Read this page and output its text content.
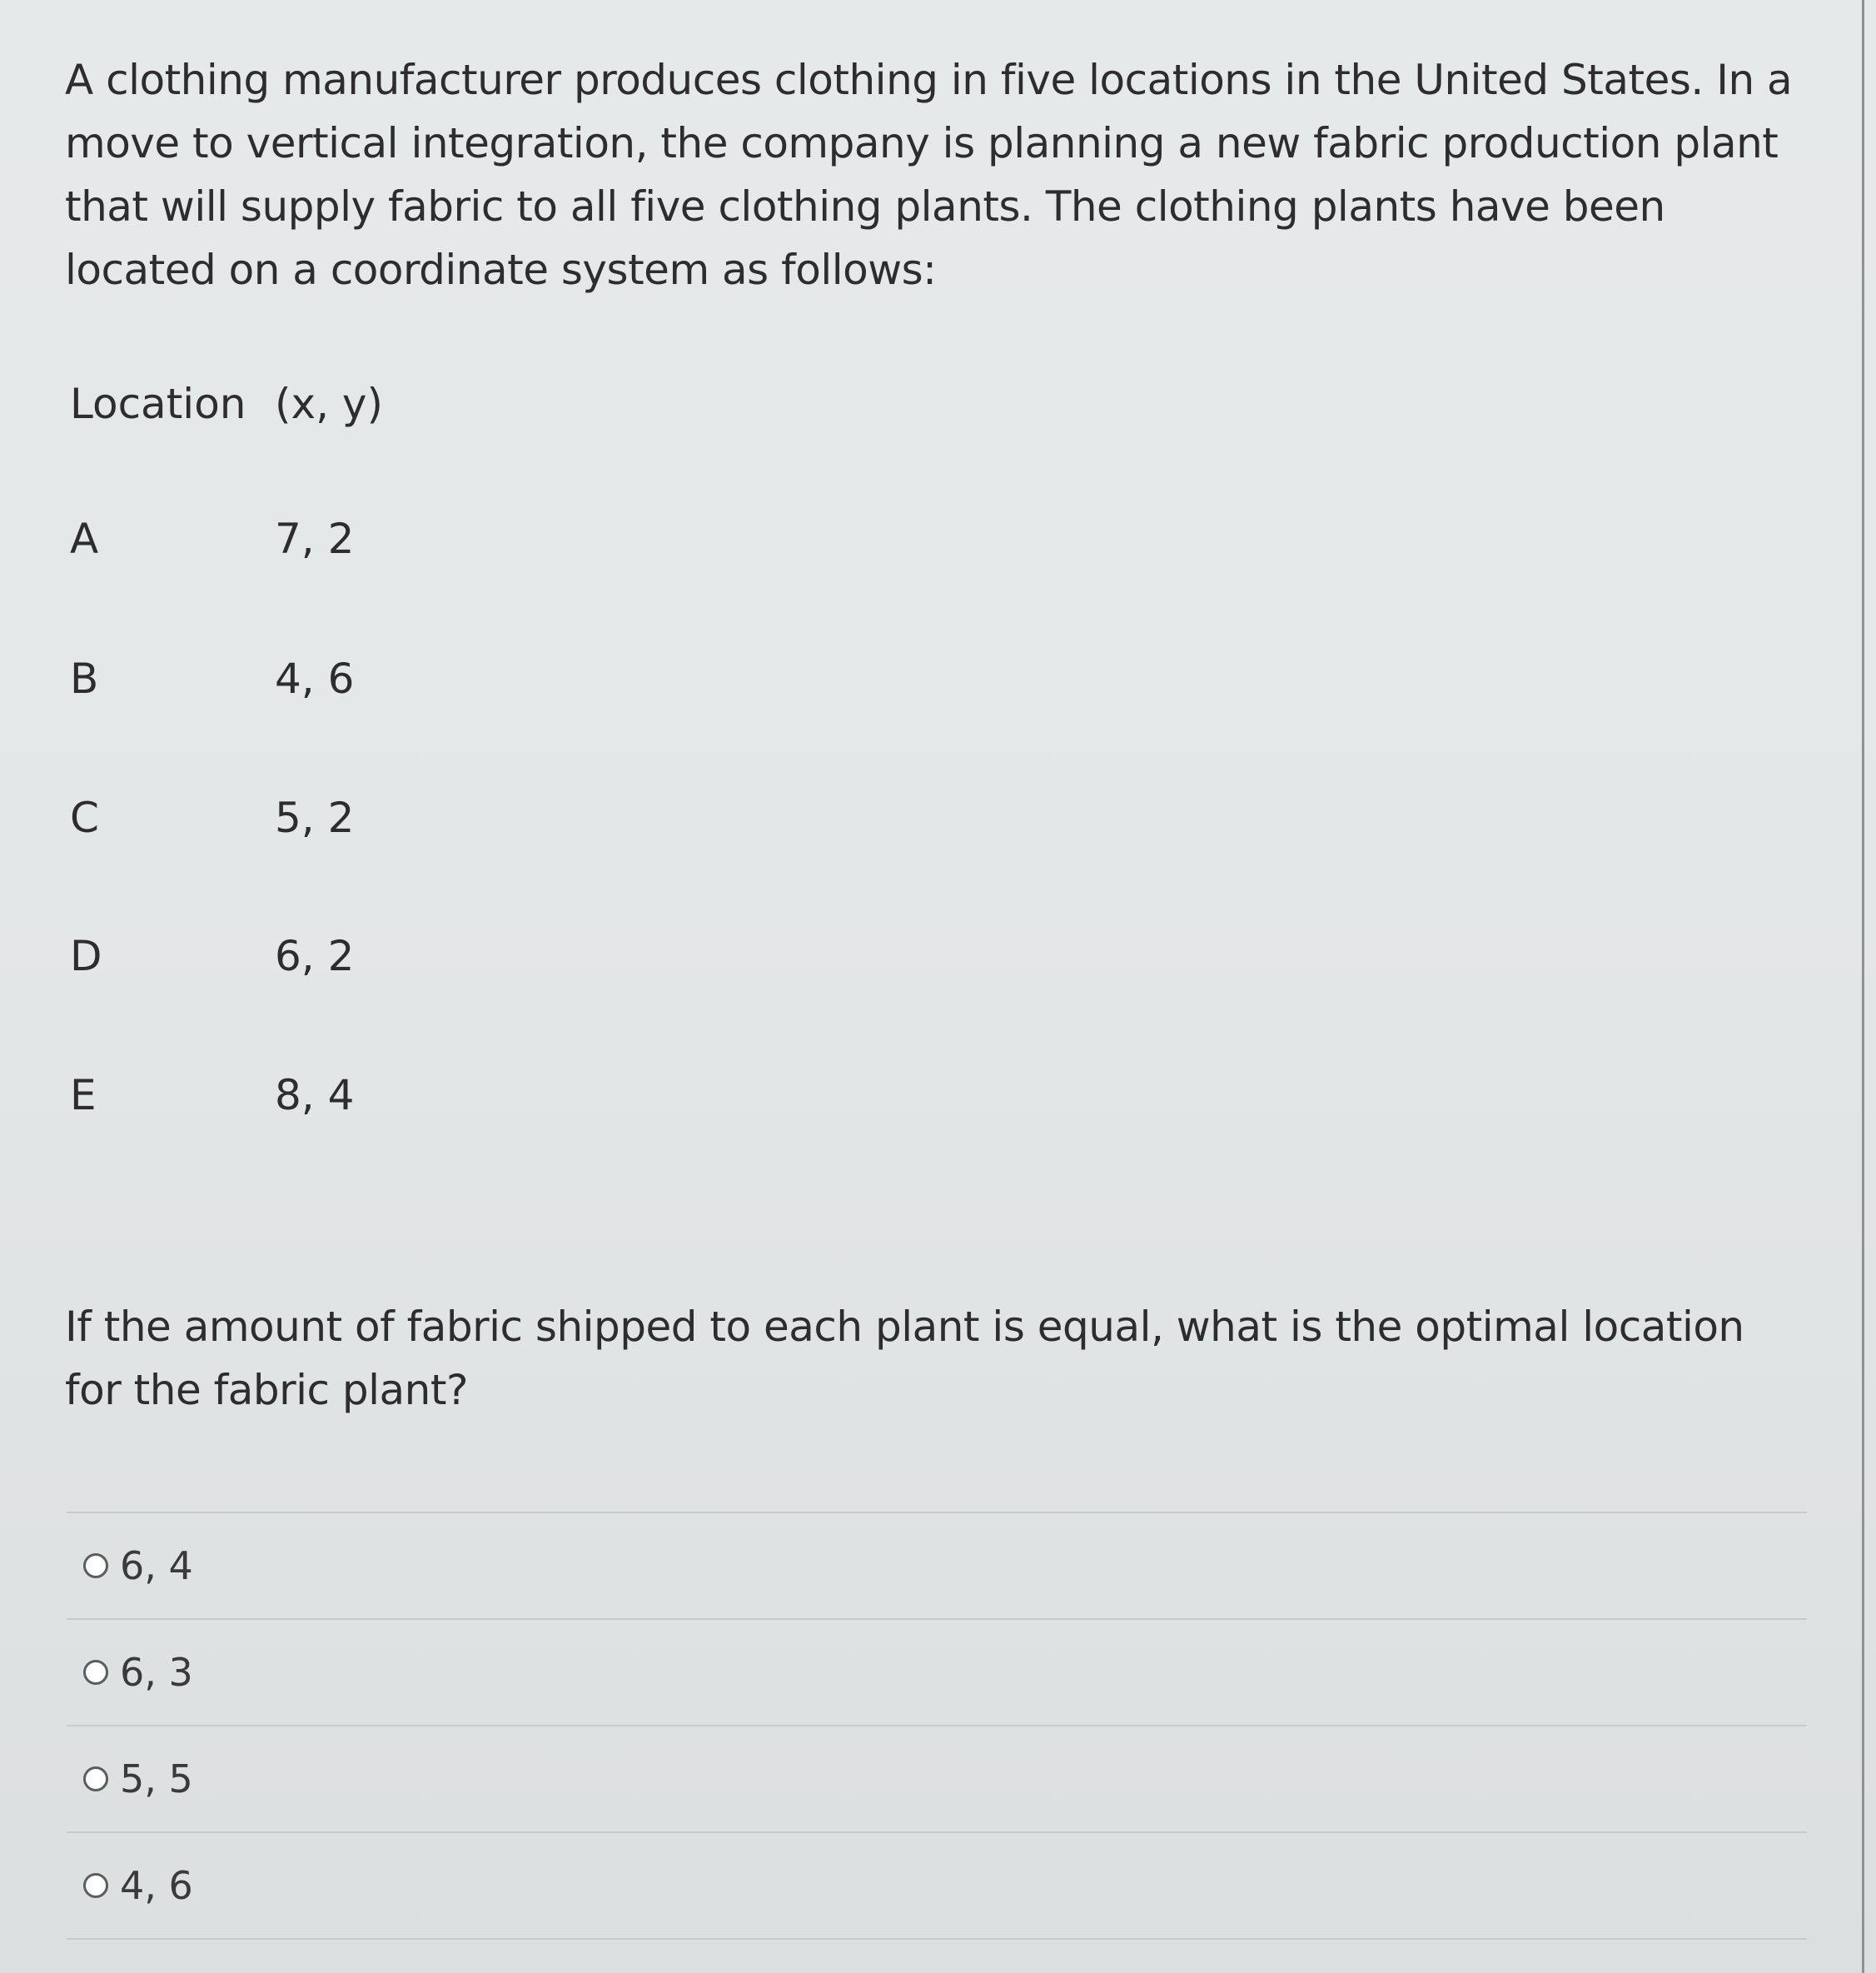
A clothing manufacturer produces clothing in five locations in the United States. In a move to vertical integration, the company is planning a new fabric production plant that will supply fabric to all five clothing plants. The clothing plants have been located on a coordinate system as follows:

Location (x, y)
A	7, 2
B	4, 6
C	5, 2
D	6, 2
E	8, 4

If the amount of fabric shipped to each plant is equal, what is the optimal location for the fabric plant?

6, 4
6, 3
5, 5
4, 6
